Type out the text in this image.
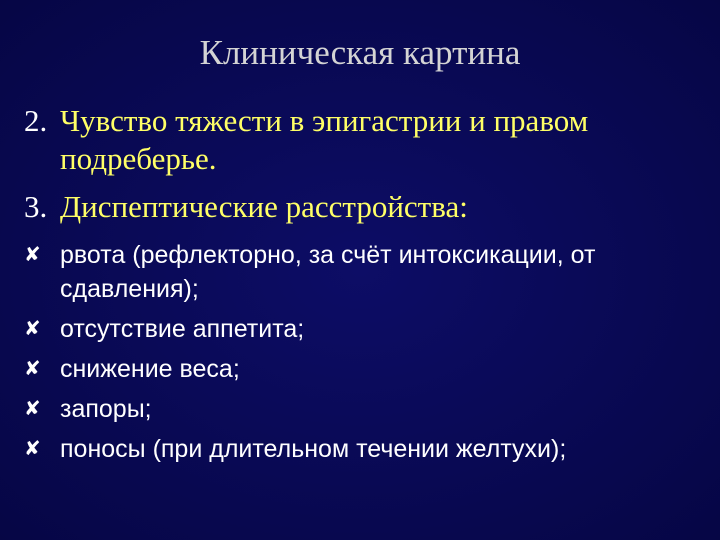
Клиническая картина
2. Чувство тяжести в эпигастрии и правом
подреберье.
3. Диспептические расстройства:
✘ рвота (рефлекторно, за счёт интоксикации, от
сдавления);
✘ отсутствие аппетита;
✘ снижение веса;
✘ запоры;
✘ поносы (при длительном течении желтухи);
